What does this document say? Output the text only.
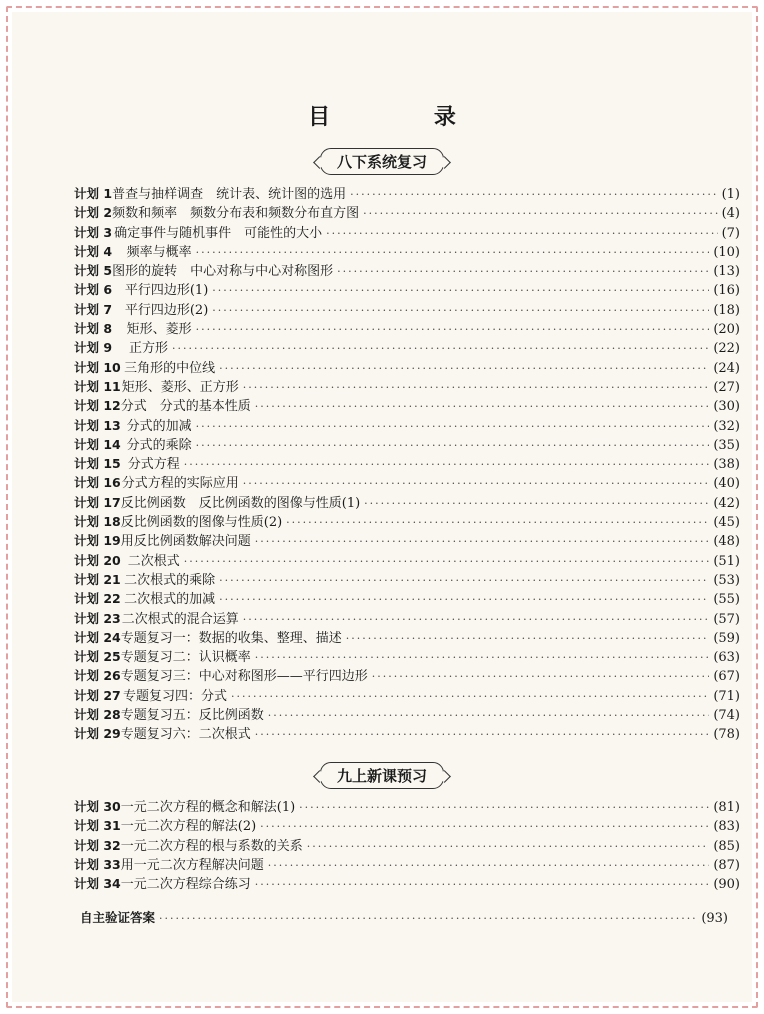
目 录
八下系统复习
计划 1 普查与抽样调查　统计表、统计图的选用 ·····	(1)
计划 2 频数和频率　频数分布表和频数分布直方图 ·····	(4)
计划 3 确定事件与随机事件　可能性的大小 ·····	(7)
计划 4	频率与概率 ·····	(10)
计划 5 图形的旋转　中心对称与中心对称图形 ·····	(13)
计划 6 平行四边形(1) ·····	(16)
计划 7 平行四边形(2) ·····	(18)
计划 8	矩形、菱形 ·····	(20)
计划 9	正方形 ·····	(22)
计划 10 三角形的中位线 ·····	(24)
计划 11 矩形、菱形、正方形 ·····	(27)
计划 12 分式　分式的基本性质 ·····	(30)
计划 13 分式的加减 ·····	(32)
计划 14 分式的乘除 ·····	(35)
计划 15 分式方程 ·····	(38)
计划 16 分式方程的实际应用 ·····	(40)
计划 17 反比例函数　反比例函数的图像与性质(1) ·····	(42)
计划 18 反比例函数的图像与性质(2) ·····	(45)
计划 19 用反比例函数解决问题 ·····	(48)
计划 20 二次根式 ·····	(51)
计划 21 二次根式的乘除 ·····	(53)
计划 22 二次根式的加减 ·····	(55)
计划 23 二次根式的混合运算 ·····	(57)
计划 24 专题复习一：数据的收集、整理、描述 ·····	(59)
计划 25 专题复习二：认识概率 ·····	(63)
计划 26 专题复习三：中心对称图形——平行四边形 ·····	(67)
计划 27 专题复习四：分式 ·····	(71)
计划 28 专题复习五：反比例函数 ·····	(74)
计划 29 专题复习六：二次根式 ·····	(78)
九上新课预习
计划 30 一元二次方程的概念和解法(1) ·····	(81)
计划 31 一元二次方程的解法(2) ·····	(83)
计划 32 一元二次方程的根与系数的关系 ·····	(85)
计划 33 用一元二次方程解决问题 ·····	(87)
计划 34 一元二次方程综合练习 ·····	(90)
自主验证答案 ·····	(93)
